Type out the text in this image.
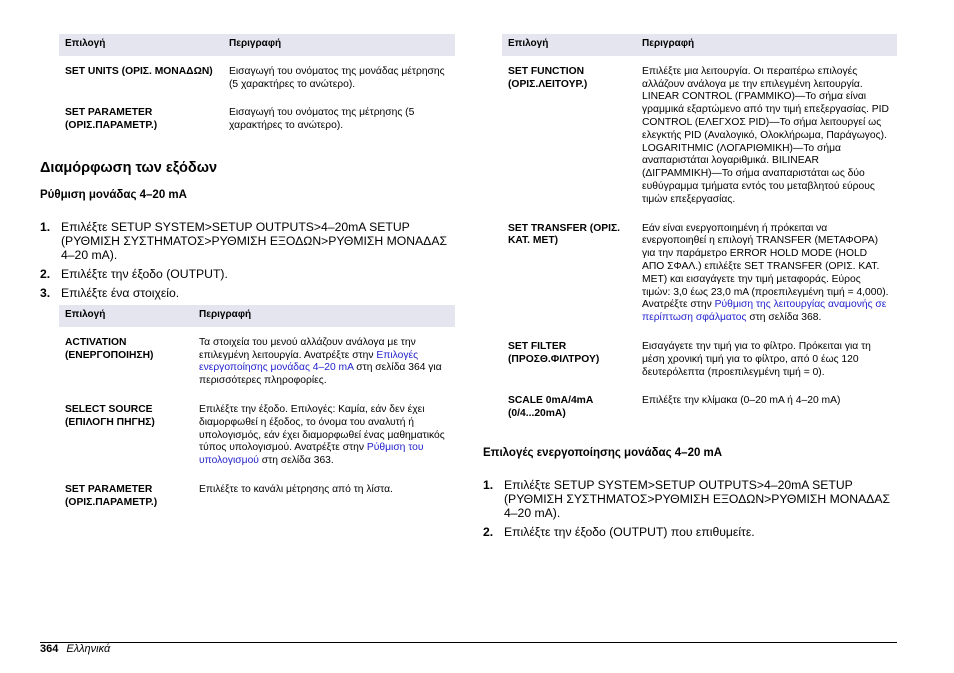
Επιλογή	Περιγραφή
SET UNITS (ΟΡΙΣ. ΜΟΝΑΔΩΝ)	Εισαγωγή του ονόματος της μονάδας μέτρησης (5 χαρακτήρες το ανώτερο).
SET PARAMETER (ΟΡΙΣ.ΠΑΡΑΜΕΤΡ.)	Εισαγωγή του ονόματος της μέτρησης (5 χαρακτήρες το ανώτερο).
Διαμόρφωση των εξόδων
Ρύθμιση μονάδας 4–20 mA
1. Επιλέξτε SETUP SYSTEM>SETUP OUTPUTS>4–20mA SETUP (ΡΥΘΜΙΣΗ ΣΥΣΤΗΜΑΤΟΣ>ΡΥΘΜΙΣΗ ΕΞΟΔΩΝ>ΡΥΘΜΙΣΗ ΜΟΝΑΔΑΣ 4–20 mA).
2. Επιλέξτε την έξοδο (OUTPUT).
3. Επιλέξτε ένα στοιχείο.
Επιλογή	Περιγραφή
ACTIVATION (ΕΝΕΡΓΟΠΟΙΗΣΗ)	Τα στοιχεία του μενού αλλάζουν ανάλογα με την επιλεγμένη λειτουργία. Ανατρέξτε στην Επιλογές ενεργοποίησης μονάδας 4–20 mA στη σελίδα 364 για περισσότερες πληροφορίες.
SELECT SOURCE (ΕΠΙΛΟΓΗ ΠΗΓΗΣ)	Επιλέξτε την έξοδο. Επιλογές: Καμία, εάν δεν έχει διαμορφωθεί η έξοδος, το όνομα του αναλυτή ή υπολογισμός, εάν έχει διαμορφωθεί ένας μαθηματικός τύπος υπολογισμού. Ανατρέξτε στην Ρύθμιση του υπολογισμού στη σελίδα 363.
SET PARAMETER (ΟΡΙΣ.ΠΑΡΑΜΕΤΡ.)	Επιλέξτε το κανάλι μέτρησης από τη λίστα.
Επιλογή	Περιγραφή
SET FUNCTION (ΟΡΙΣ.ΛΕΙΤΟΥΡ.)	Επιλέξτε μια λειτουργία. Οι περαιτέρω επιλογές αλλάζουν ανάλογα με την επιλεγμένη λειτουργία. LINEAR CONTROL (ΓΡΑΜΜΙΚΟ)—Το σήμα είναι γραμμικά εξαρτώμενο από την τιμή επεξεργασίας. PID CONTROL (ΕΛΕΓΧΟΣ PID)—Το σήμα λειτουργεί ως ελεγκτής PID (Αναλογικό, Ολοκλήρωμα, Παράγωγος). LOGARITHMIC (ΛΟΓΑΡΙΘΜΙΚΗ)—Το σήμα αναπαριστάται λογαριθμικά. BILINEAR (ΔΙΓΡΑΜΜΙΚΗ)—Το σήμα αναπαριστάται ως δύο ευθύγραμμα τμήματα εντός του μεταβλητού εύρους τιμών επεξεργασίας.
SET TRANSFER (ΟΡΙΣ. ΚΑΤ. ΜΕΤ)	Εάν είναι ενεργοποιημένη ή πρόκειται να ενεργοποιηθεί η επιλογή TRANSFER (ΜΕΤΑΦΟΡΑ) για την παράμετρο ERROR HOLD MODE (HOLD ΑΠΟ ΣΦΑΛ.) επιλέξτε SET TRANSFER (ΟΡΙΣ. ΚΑΤ. ΜΕΤ) και εισαγάγετε την τιμή μεταφοράς. Εύρος τιμών: 3,0 έως 23,0 mA (προεπιλεγμένη τιμή = 4,000). Ανατρέξτε στην Ρύθμιση της λειτουργίας αναμονής σε περίπτωση σφάλματος στη σελίδα 368.
SET FILTER (ΠΡΟΣΘ.ΦΙΛΤΡΟΥ)	Εισαγάγετε την τιμή για το φίλτρο. Πρόκειται για τη μέση χρονική τιμή για το φίλτρο, από 0 έως 120 δευτερόλεπτα (προεπιλεγμένη τιμή = 0).
SCALE 0mA/4mA (0/4...20mA)	Επιλέξτε την κλίμακα (0–20 mA ή 4–20 mA)
Επιλογές ενεργοποίησης μονάδας 4–20 mA
1. Επιλέξτε SETUP SYSTEM>SETUP OUTPUTS>4–20mA SETUP (ΡΥΘΜΙΣΗ ΣΥΣΤΗΜΑΤΟΣ>ΡΥΘΜΙΣΗ ΕΞΟΔΩΝ>ΡΥΘΜΙΣΗ ΜΟΝΑΔΑΣ 4–20 mA).
2. Επιλέξτε την έξοδο (OUTPUT) που επιθυμείτε.
364 Ελληνικά
